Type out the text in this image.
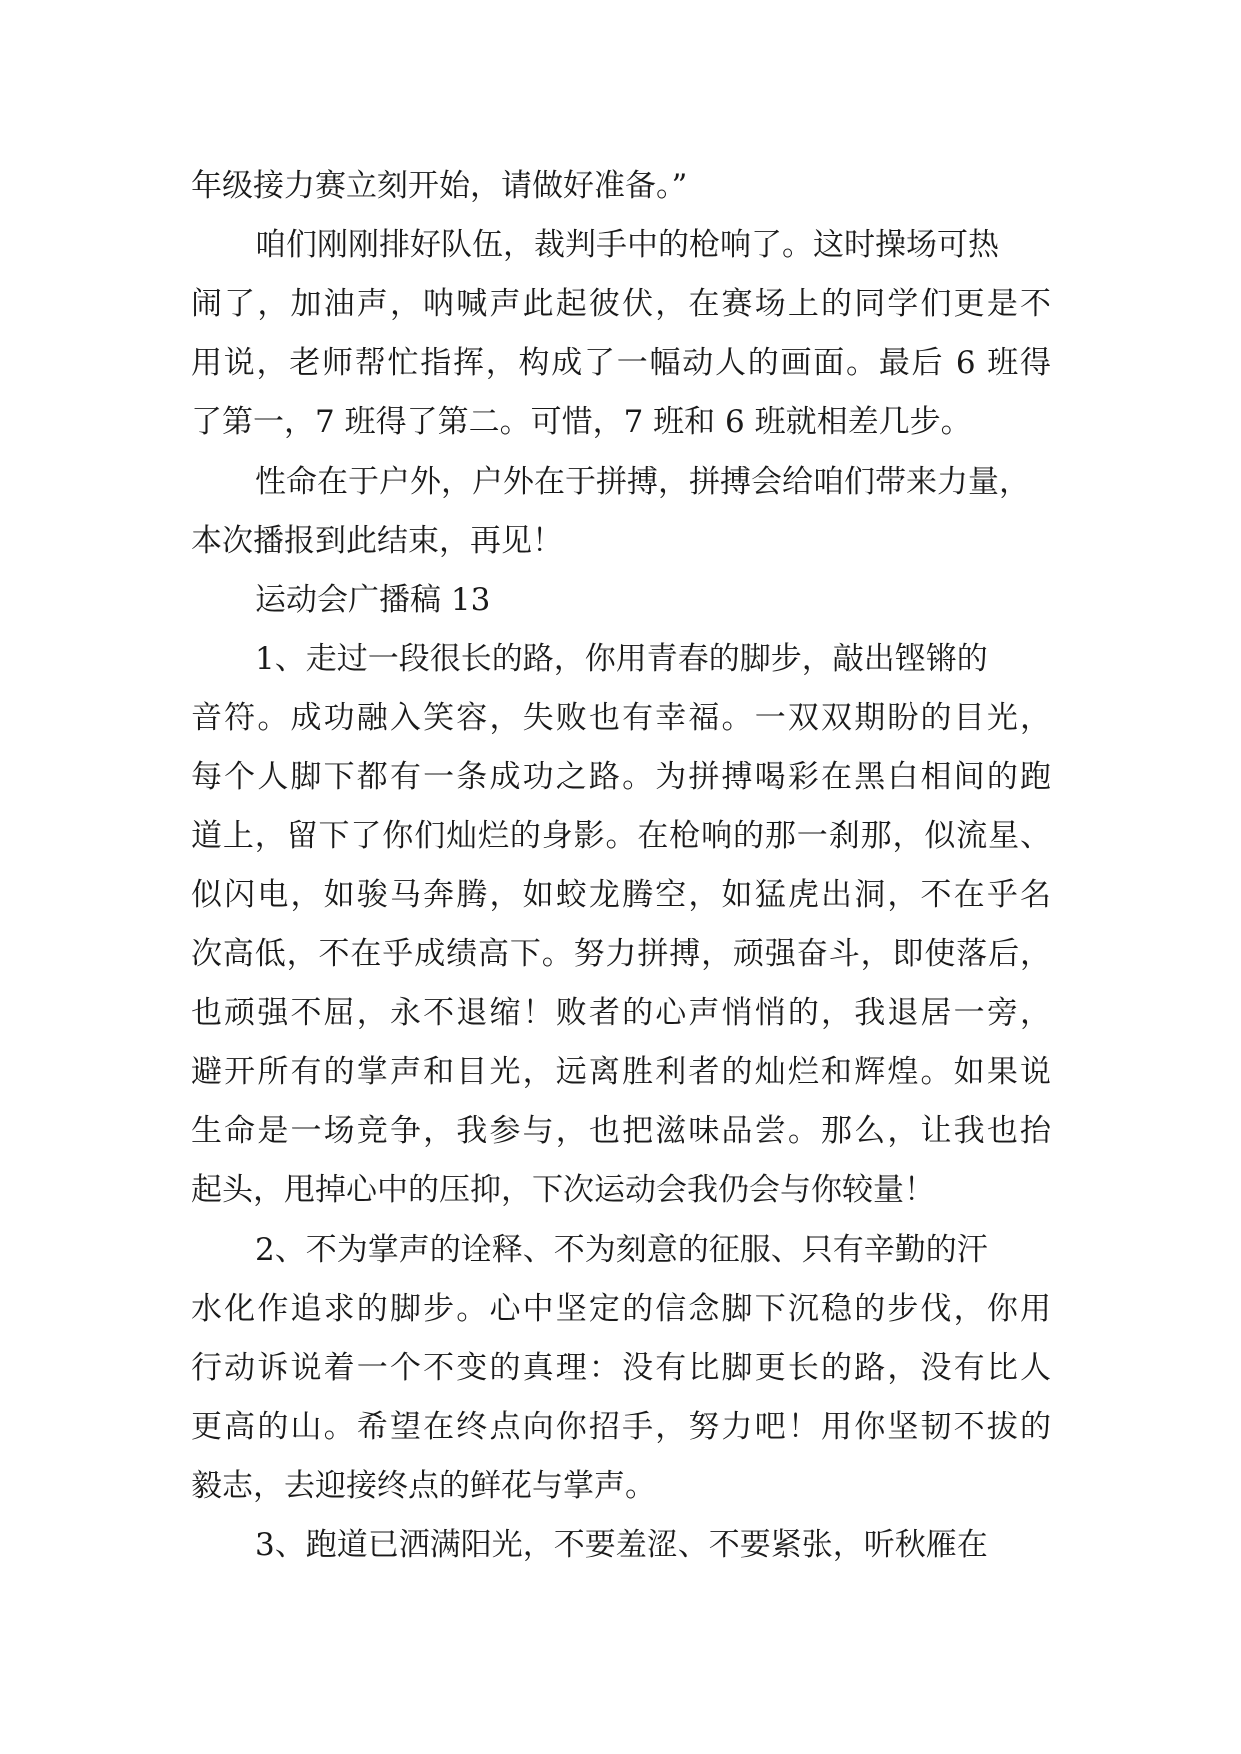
年级接力赛立刻开始，请做好准备。”
咱们刚刚排好队伍，裁判手中的枪响了。这时操场可热
闹了，加油声，呐喊声此起彼伏，在赛场上的同学们更是不
用说，老师帮忙指挥，构成了一幅动人的画面。最后 6 班得
了第一，7 班得了第二。可惜，7 班和 6 班就相差几步。
性命在于户外，户外在于拼搏，拼搏会给咱们带来力量，
本次播报到此结束，再见！
运动会广播稿 13
1、走过一段很长的路，你用青春的脚步，敲出铿锵的
音符。成功融入笑容，失败也有幸福。一双双期盼的目光，
每个人脚下都有一条成功之路。为拼搏喝彩在黑白相间的跑
道上，留下了你们灿烂的身影。在枪响的那一刹那，似流星、
似闪电，如骏马奔腾，如蛟龙腾空，如猛虎出洞，不在乎名
次高低，不在乎成绩高下。努力拼搏，顽强奋斗，即使落后，
也顽强不屈，永不退缩！败者的心声悄悄的，我退居一旁，
避开所有的掌声和目光，远离胜利者的灿烂和辉煌。如果说
生命是一场竞争，我参与，也把滋味品尝。那么，让我也抬
起头，甩掉心中的压抑，下次运动会我仍会与你较量！
2、不为掌声的诠释、不为刻意的征服、只有辛勤的汗
水化作追求的脚步。心中坚定的信念脚下沉稳的步伐，你用
行动诉说着一个不变的真理：没有比脚更长的路，没有比人
更高的山。希望在终点向你招手，努力吧！用你坚韧不拔的
毅志，去迎接终点的鲜花与掌声。
3、跑道已洒满阳光，不要羞涩、不要紧张，听秋雁在
